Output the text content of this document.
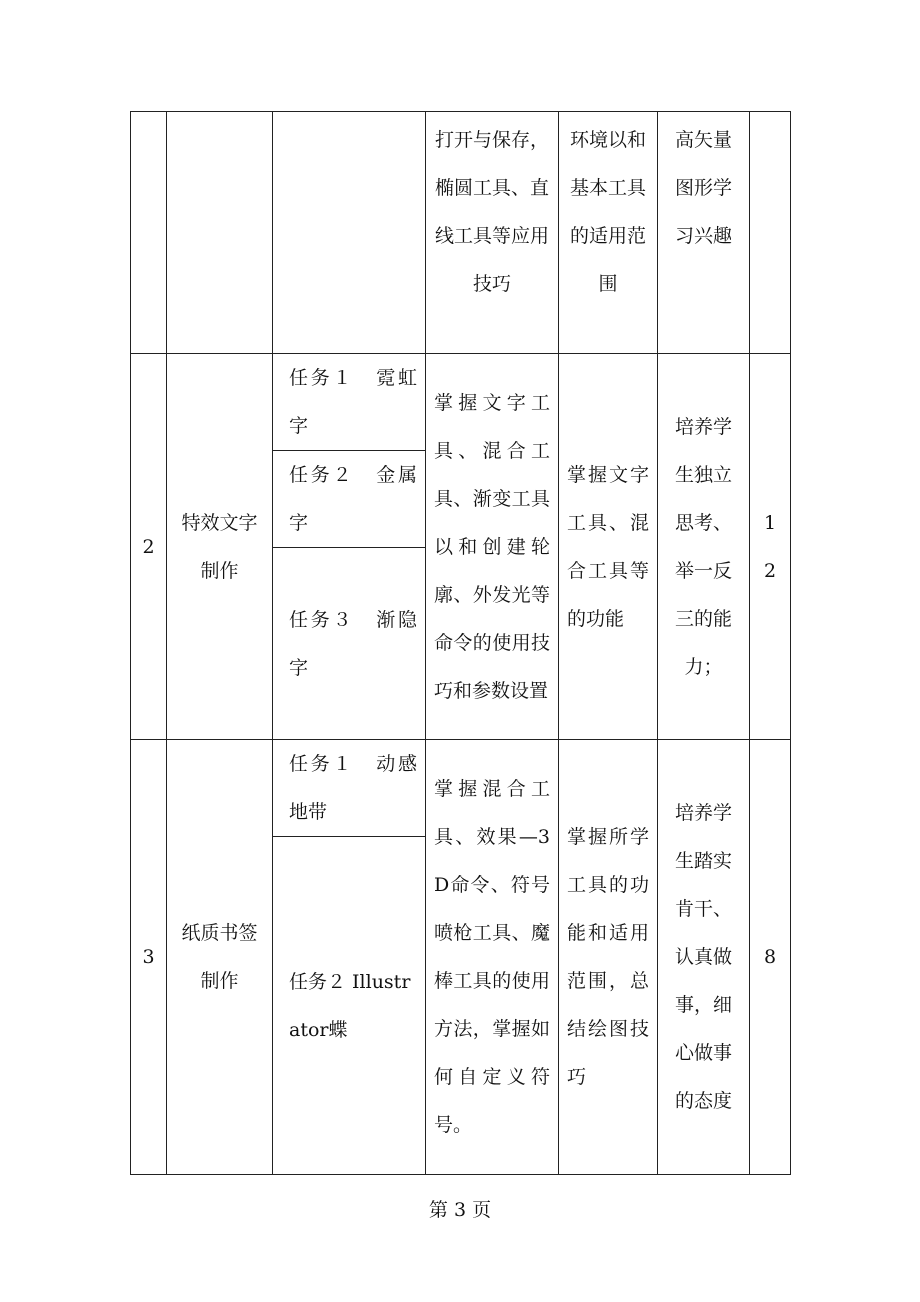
			打开与保存，椭圆工具、直线工具等应用技巧	环境以和基本工具的适用范围	高矢量图形学习兴趣	
2	特效文字制作	任务１　霓虹字	掌握文字工具、混合工具、渐变工具以和创建轮廓、外发光等命令的使用技巧和参数设置	掌握文字工具、混合工具等的功能	培养学生独立思考、举一反三的能力；	12
		任务２　金属字				
		任务３　渐隐字				
3	纸质书签制作	任务１　动感地带	掌握混合工具、效果—3D命令、符号喷枪工具、魔棒工具的使用方法，掌握如何自定义符号。	掌握所学工具的功能和适用范围，总结绘图技巧	培养学生踏实肯干、认真做事，细心做事的态度	8
		任务２ Illustrator蝶				
第 3 页
